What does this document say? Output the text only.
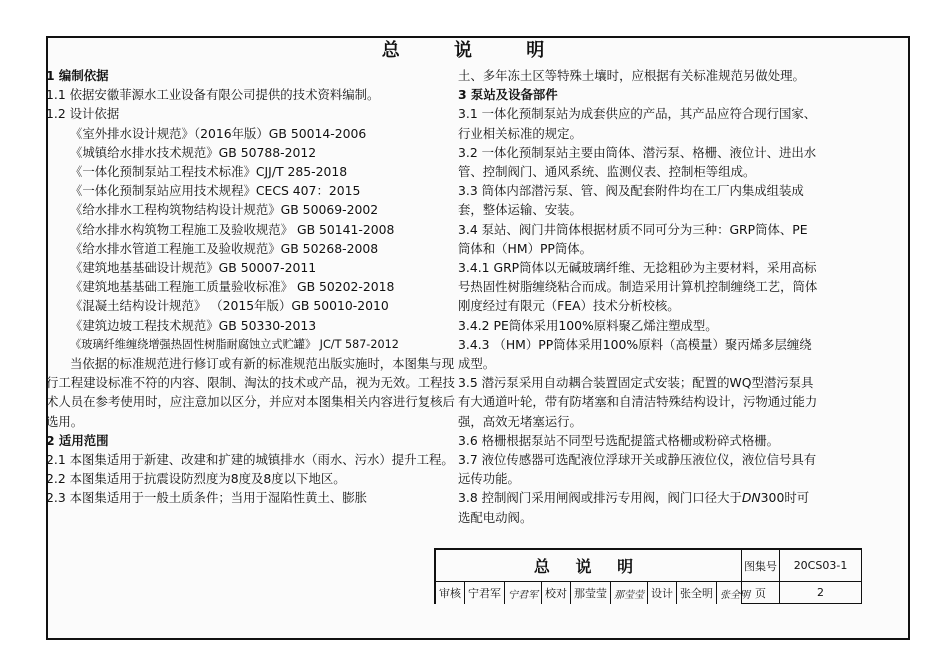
总 说 明
1 编制依据
1.1 依据安徽菲源水工业设备有限公司提供的技术资料编制。
1.2 设计依据
《室外排水设计规范》（2016年版）GB 50014-2006
《城镇给水排水技术规范》GB 50788-2012
《一体化预制泵站工程技术标准》CJJ/T 285-2018
《一体化预制泵站应用技术规程》CECS 407：2015
《给水排水工程构筑物结构设计规范》GB 50069-2002
《给水排水构筑物工程施工及验收规范》 GB 50141-2008
《给水排水管道工程施工及验收规范》GB 50268-2008
《建筑地基基础设计规范》GB 50007-2011
《建筑地基基础工程施工质量验收标准》 GB 50202-2018
《混凝土结构设计规范》 （2015年版）GB 50010-2010
《建筑边坡工程技术规范》GB 50330-2013
《玻璃纤维缠绕增强热固性树脂耐腐蚀立式贮罐》 JC/T 587-2012
当依据的标准规范进行修订或有新的标准规范出版实施时，本图集与现行工程建设标准不符的内容、限制、淘汰的技术或产品，视为无效。工程技术人员在参考使用时，应注意加以区分，并应对本图集相关内容进行复核后选用。
2 适用范围
2.1 本图集适用于新建、改建和扩建的城镇排水（雨水、污水）提升工程。
2.2 本图集适用于抗震设防烈度为8度及8度以下地区。
2.3 本图集适用于一般土质条件；当用于湿陷性黄土、膨胀
土、多年冻土区等特殊土壤时，应根据有关标准规范另做处理。
3 泵站及设备部件
3.1 一体化预制泵站为成套供应的产品，其产品应符合现行国家、行业相关标准的规定。
3.2 一体化预制泵站主要由筒体、潜污泵、格栅、液位计、进出水管、控制阀门、通风系统、监测仪表、控制柜等组成。
3.3 筒体内部潜污泵、管、阀及配套附件均在工厂内集成组装成套，整体运输、安装。
3.4 泵站、阀门井筒体根据材质不同可分为三种：GRP筒体、PE筒体和（HM）PP筒体。
3.4.1 GRP筒体以无碱玻璃纤维、无捻粗砂为主要材料，采用高标号热固性树脂缠绕粘合而成。制造采用计算机控制缠绕工艺，筒体刚度经过有限元（FEA）技术分析校核。
3.4.2 PE筒体采用100%原料聚乙烯注塑成型。
3.4.3 （HM）PP筒体采用100%原料（高模量）聚丙烯多层缠绕成型。
3.5 潜污泵采用自动耦合装置固定式安装；配置的WQ型潜污泵具有大通道叶轮，带有防堵塞和自清洁特殊结构设计，污物通过能力强，高效无堵塞运行。
3.6 格栅根据泵站不同型号选配提篮式格栅或粉碎式格栅。
3.7 液位传感器可选配液位浮球开关或静压液位仪，液位信号具有远传功能。
3.8 控制阀门采用闸阀或排污专用阀，阀门口径大于DN300时可选配电动阀。
总 说 明	图集号	20CS03-1
页	2
审核 宁君军 宁君军 校对 那莹莹 那莹莹 设计 张全明 张全明
